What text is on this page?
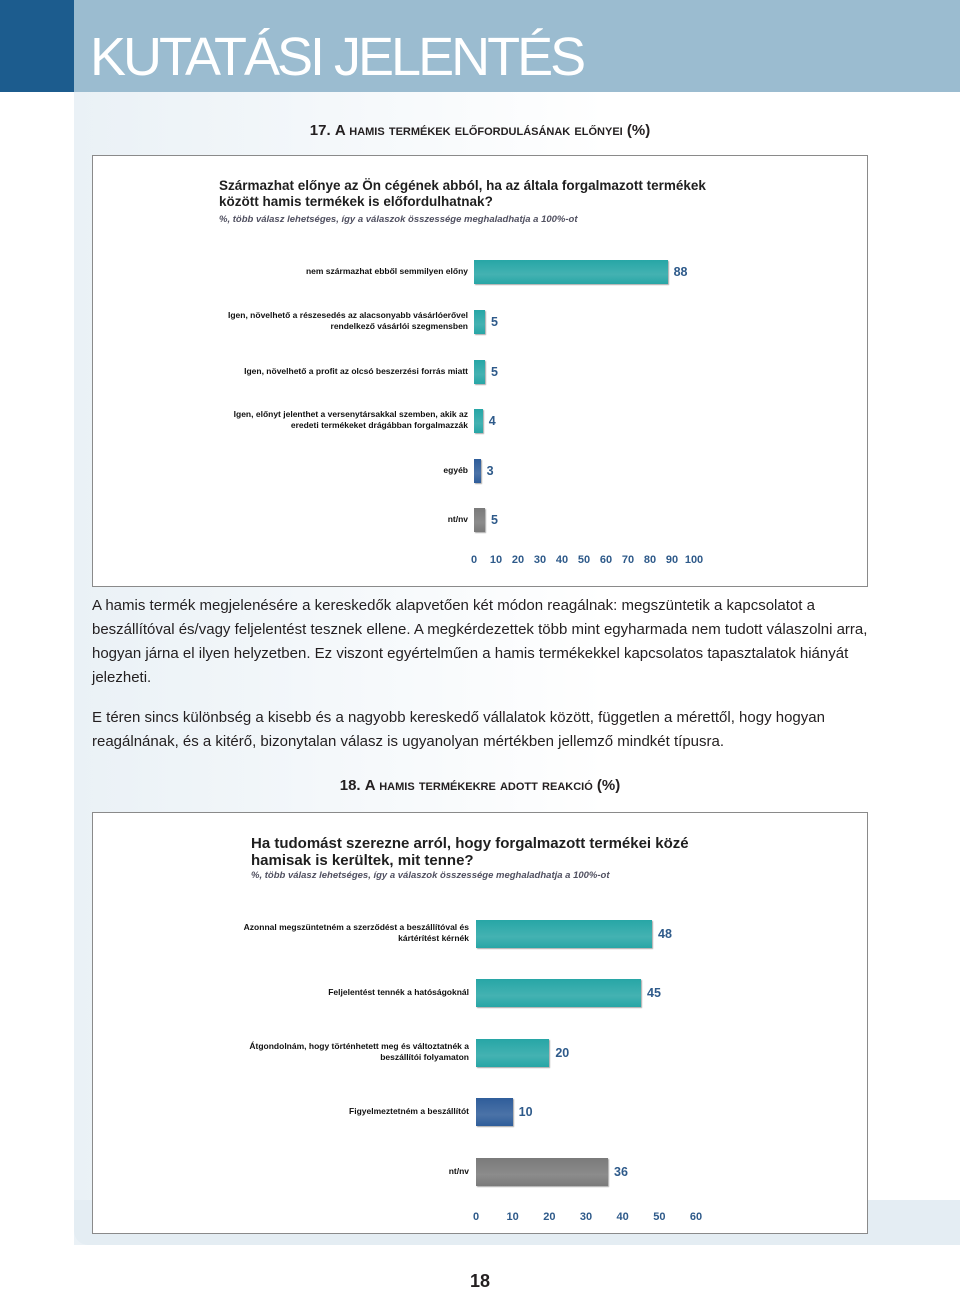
KUTATÁSI JELENTÉS
17. A hamis termékek előfordulásának előnyei (%)
Származhat előnye az Ön cégének abból, ha az általa forgalmazott termékek között hamis termékek is előfordulhatnak?
%, több válasz lehetséges, így a válaszok összessége meghaladhatja a 100%-ot
nem származhat ebből semmilyen előny	88
Igen, növelhető a részesedés az alacsonyabb vásárlóerővel rendelkező vásárlói szegmensben 5
Igen, növelhető a profit az olcsó beszerzési forrás miatt 5
Igen, előnyt jelenthet a versenytársakkal szemben, akik az eredeti termékeket drágábban forgalmazzák 4
egyéb 3
nt/nv 5
0 10 20 30 40 50 60 70 80 90 100
A hamis termék megjelenésére a kereskedők alapvetően két módon reagálnak: megszüntetik a kapcsolatot a beszállítóval és/vagy feljelentést tesznek ellene. A megkérdezettek több mint egyharmada nem tudott válaszolni arra, hogyan járna el ilyen helyzetben. Ez viszont egyértelműen a hamis termékekkel kapcsolatos tapasztalatok hiányát jelezheti.
E téren sincs különbség a kisebb és a nagyobb kereskedő vállalatok között, független a mérettől, hogy hogyan reagálnának, és a kitérő, bizonytalan válasz is ugyanolyan mértékben jellemző mindkét típusra.
18. A hamis termékekre adott reakció (%)
Ha tudomást szerezne arról, hogy forgalmazott termékei közé hamisak is kerültek, mit tenne?
%, több válasz lehetséges, így a válaszok összessége meghaladhatja a 100%-ot
Azonnal megszüntetném a szerződést a beszállítóval és kártérítést kérnék	48
Feljelentést tennék a hatóságoknál	45
Átgondolnám, hogy történhetett meg és változtatnék a beszállítói folyamaton	20
Figyelmeztetném a beszállítót	10
nt/nv	36
0 10 20 30 40 50 60
18
